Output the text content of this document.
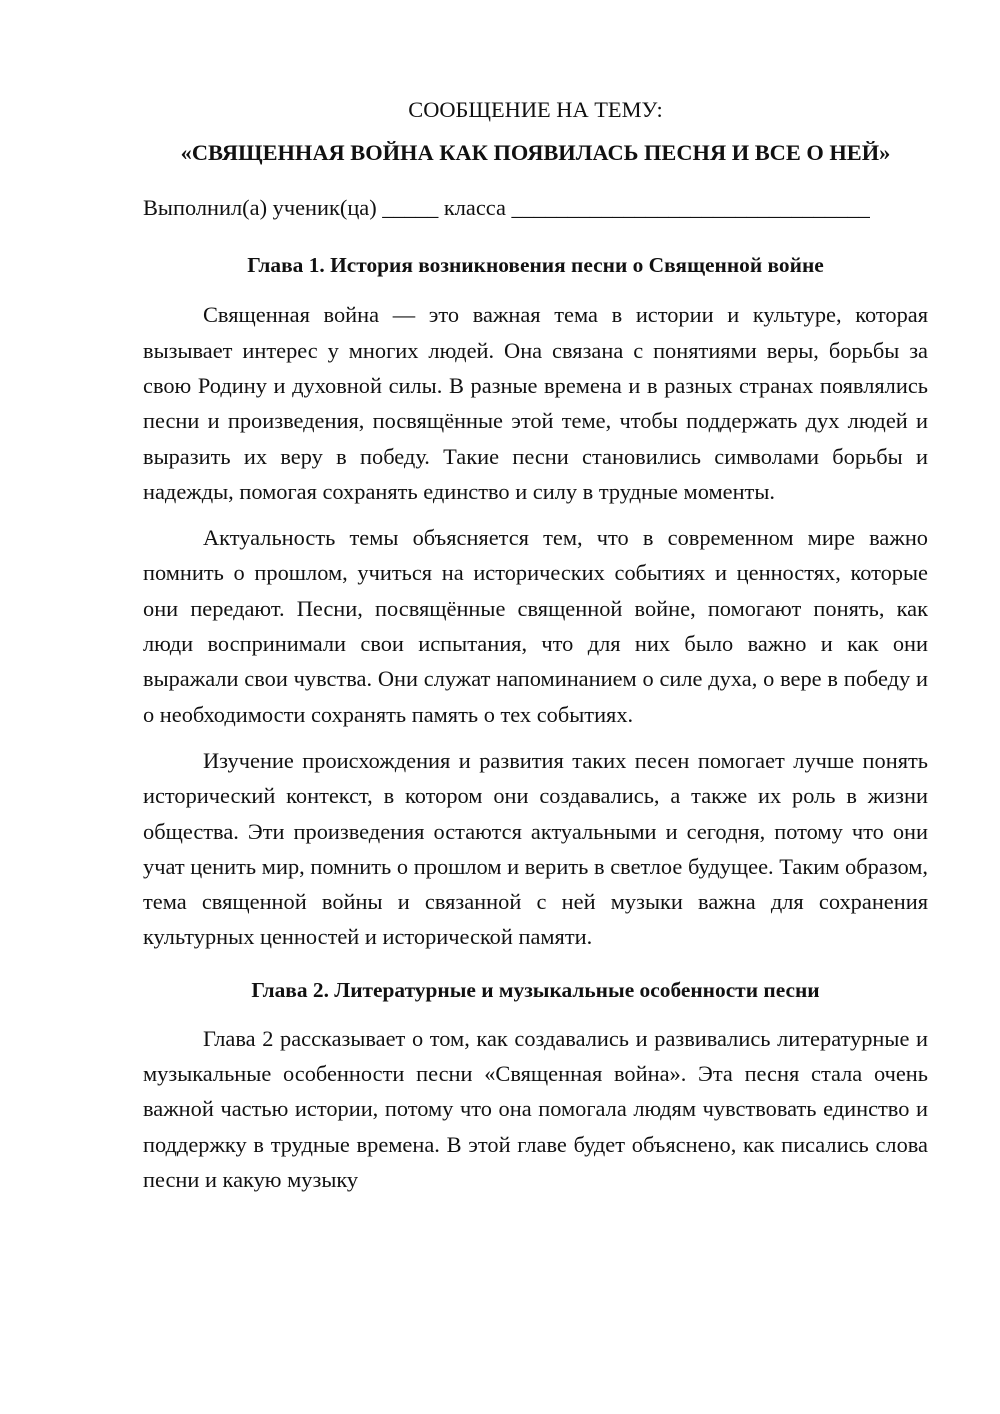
СООБЩЕНИЕ НА ТЕМУ:

«СВЯЩЕННАЯ ВОЙНА КАК ПОЯВИЛАСЬ ПЕСНЯ И ВСЕ О НЕЙ»

Выполнил(а) ученик(ца) _____ класса ________________________________

Глава 1. История возникновения песни о Священной войне

Священная война — это важная тема в истории и культуре, которая вызывает интерес у многих людей. Она связана с понятиями веры, борьбы за свою Родину и духовной силы. В разные времена и в разных странах появлялись песни и произведения, посвящённые этой теме, чтобы поддержать дух людей и выразить их веру в победу. Такие песни становились символами борьбы и надежды, помогая сохранять единство и силу в трудные моменты.

Актуальность темы объясняется тем, что в современном мире важно помнить о прошлом, учиться на исторических событиях и ценностях, которые они передают. Песни, посвящённые священной войне, помогают понять, как люди воспринимали свои испытания, что для них было важно и как они выражали свои чувства. Они служат напоминанием о силе духа, о вере в победу и о необходимости сохранять память о тех событиях.

Изучение происхождения и развития таких песен помогает лучше понять исторический контекст, в котором они создавались, а также их роль в жизни общества. Эти произведения остаются актуальными и сегодня, потому что они учат ценить мир, помнить о прошлом и верить в светлое будущее. Таким образом, тема священной войны и связанной с ней музыки важна для сохранения культурных ценностей и исторической памяти.

Глава 2. Литературные и музыкальные особенности песни

Глава 2 рассказывает о том, как создавались и развивались литературные и музыкальные особенности песни «Священная война». Эта песня стала очень важной частью истории, потому что она помогала людям чувствовать единство и поддержку в трудные времена. В этой главе будет объяснено, как писались слова песни и какую музыку
